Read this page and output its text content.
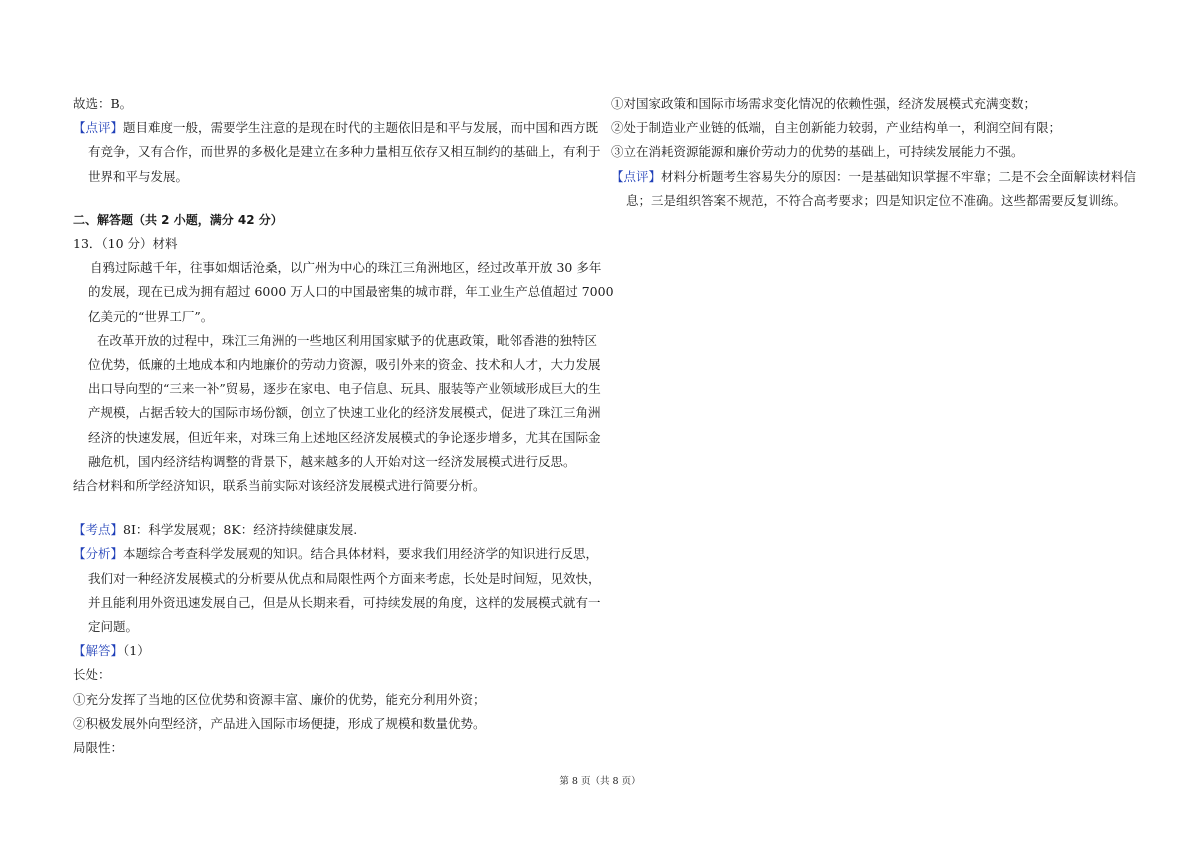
故选：B。

【点评】题目难度一般，需要学生注意的是现在时代的主题依旧是和平与发展，而中国和西方既

有竞争，又有合作，而世界的多极化是建立在多种力量相互依存又相互制约的基础上，有利于

世界和平与发展。

二、解答题（共 2 小题，满分 42 分）

13．（10 分）材料

自鸦过际越千年，往事如烟话沧桑，以广州为中心的珠江三角洲地区，经过改革开放 30 多年

的发展，现在已成为拥有超过 6000 万人口的中国最密集的城市群，年工业生产总值超过 7000

亿美元的“世界工厂”。

在改革开放的过程中，珠江三角洲的一些地区利用国家赋予的优惠政策，毗邻香港的独特区

位优势，低廉的土地成本和内地廉价的劳动力资源，吸引外来的资金、技术和人才，大力发展

出口导向型的“三来一补”贸易，逐步在家电、电子信息、玩具、服装等产业领域形成巨大的生

产规模，占据舌较大的国际市场份额，创立了快速工业化的经济发展模式，促进了珠江三角洲

经济的快速发展，但近年来，对珠三角上述地区经济发展模式的争论逐步增多，尤其在国际金

融危机，国内经济结构调整的背景下，越来越多的人开始对这一经济发展模式进行反思。

结合材料和所学经济知识，联系当前实际对该经济发展模式进行简要分析。

【考点】8I：科学发展观；8K：经济持续健康发展.

【分析】本题综合考查科学发展观的知识。结合具体材料，要求我们用经济学的知识进行反思，

我们对一种经济发展模式的分析要从优点和局限性两个方面来考虑，长处是时间短，见效快，

并且能利用外资迅速发展自己，但是从长期来看，可持续发展的角度，这样的发展模式就有一

定问题。

【解答】（1）

长处：

①充分发挥了当地的区位优势和资源丰富、廉价的优势，能充分利用外资；

②积极发展外向型经济，产品进入国际市场便捷，形成了规模和数量优势。

局限性：

①对国家政策和国际市场需求变化情况的依赖性强，经济发展模式充满变数；

②处于制造业产业链的低端，自主创新能力较弱，产业结构单一，利润空间有限；

③立在消耗资源能源和廉价劳动力的优势的基础上，可持续发展能力不强。

【点评】材料分析题考生容易失分的原因：一是基础知识掌握不牢靠；二是不会全面解读材料信

息；三是组织答案不规范，不符合高考要求；四是知识定位不准确。这些都需要反复训练。

第 8 页（共 8 页）
